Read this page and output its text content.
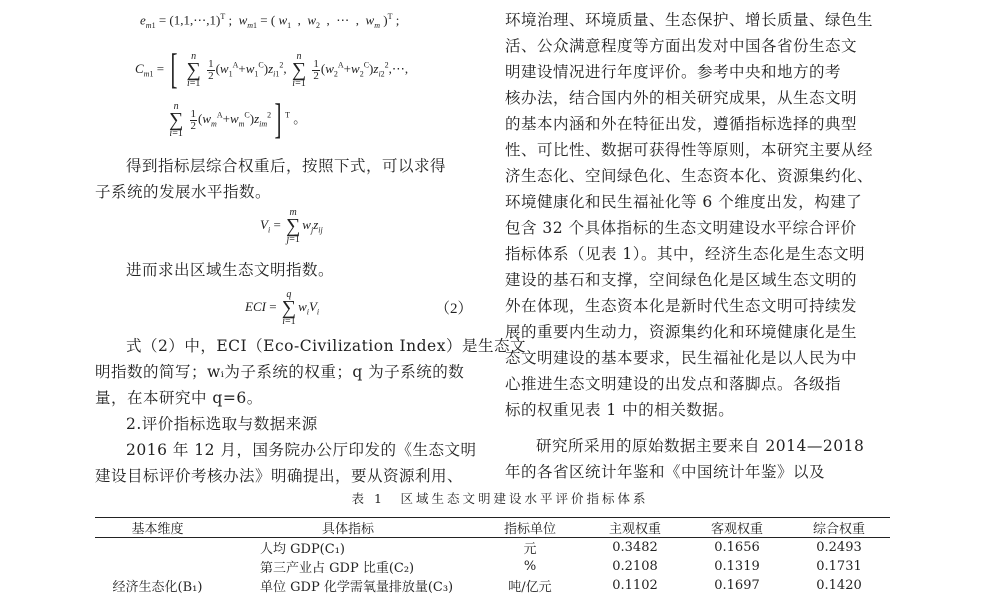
$e_{m1}$ = (1,1,⋯,1)$^T$ ;  $w_{m1}$ = ( $w_1$  ,  $w_2$  ,  ⋯  ,  $w_m$ )$^T$ ;
$C_{m1}$ = [ n
∑
i=1
$\frac{1}{2} (w_1^A+w_1^C)z_{i1}^2$, n
∑
i=1
$\frac{1}{2}$ $(w_2^A+w_2^C)z_{i2}^2,\cdots$,
n
∑
i=1
$\frac{1}{2} (w_m^A+w_m^C)z_{im}^2$] $^T$ 。
得到指标层综合权重后，按照下式，可以求得
子系统的发展水平指数。
$V_i = m$
∑
$j=1w_jz_{ij}$
进而求出区域生态文明指数。
ECI = q
∑
$i=1w_iV_i$	（2）
式（2）中，ECI（Eco-Civilization Index）是生态文
明指数的简写；wᵢ为子系统的权重；q 为子系统的数
量，在本研究中 q=6。
2.评价指标选取与数据来源
2016 年 12 月，国务院办公厅印发的《生态文明
建设目标评价考核办法》明确提出，要从资源利用、
环境治理、环境质量、生态保护、增长质量、绿色生
活、公众满意程度等方面出发对中国各省份生态文
明建设情况进行年度评价。参考中央和地方的考
核办法，结合国内外的相关研究成果，从生态文明
的基本内涵和外在特征出发，遵循指标选择的典型
性、可比性、数据可获得性等原则，本研究主要从经
济生态化、空间绿色化、生态资本化、资源集约化、
环境健康化和民生福祉化等 6 个维度出发，构建了
包含 32 个具体指标的生态文明建设水平综合评价
指标体系（见表 1）。其中，经济生态化是生态文明
建设的基石和支撑，空间绿色化是区域生态文明的
外在体现，生态资本化是新时代生态文明可持续发
展的重要内生动力，资源集约化和环境健康化是生
态文明建设的基本要求，民生福祉化是以人民为中
心推进生态文明建设的出发点和落脚点。各级指
标的权重见表 1 中的相关数据。
研究所采用的原始数据主要来自 2014—2018
年的各省区统计年鉴和《中国统计年鉴》以及
表 1　区域生态文明建设水平评价指标体系
基本维度	具体指标	指标单位	主观权重	客观权重	综合权重
	人均 GDP(C₁)	元	0.3482	0.1656	0.2493
	第三产业占 GDP 比重(C₂)	%	0.2108	0.1319	0.1731
经济生态化(B₁)	单位 GDP 化学需氧量排放量(C₃)	吨/亿元	0.1102	0.1697	0.1420
